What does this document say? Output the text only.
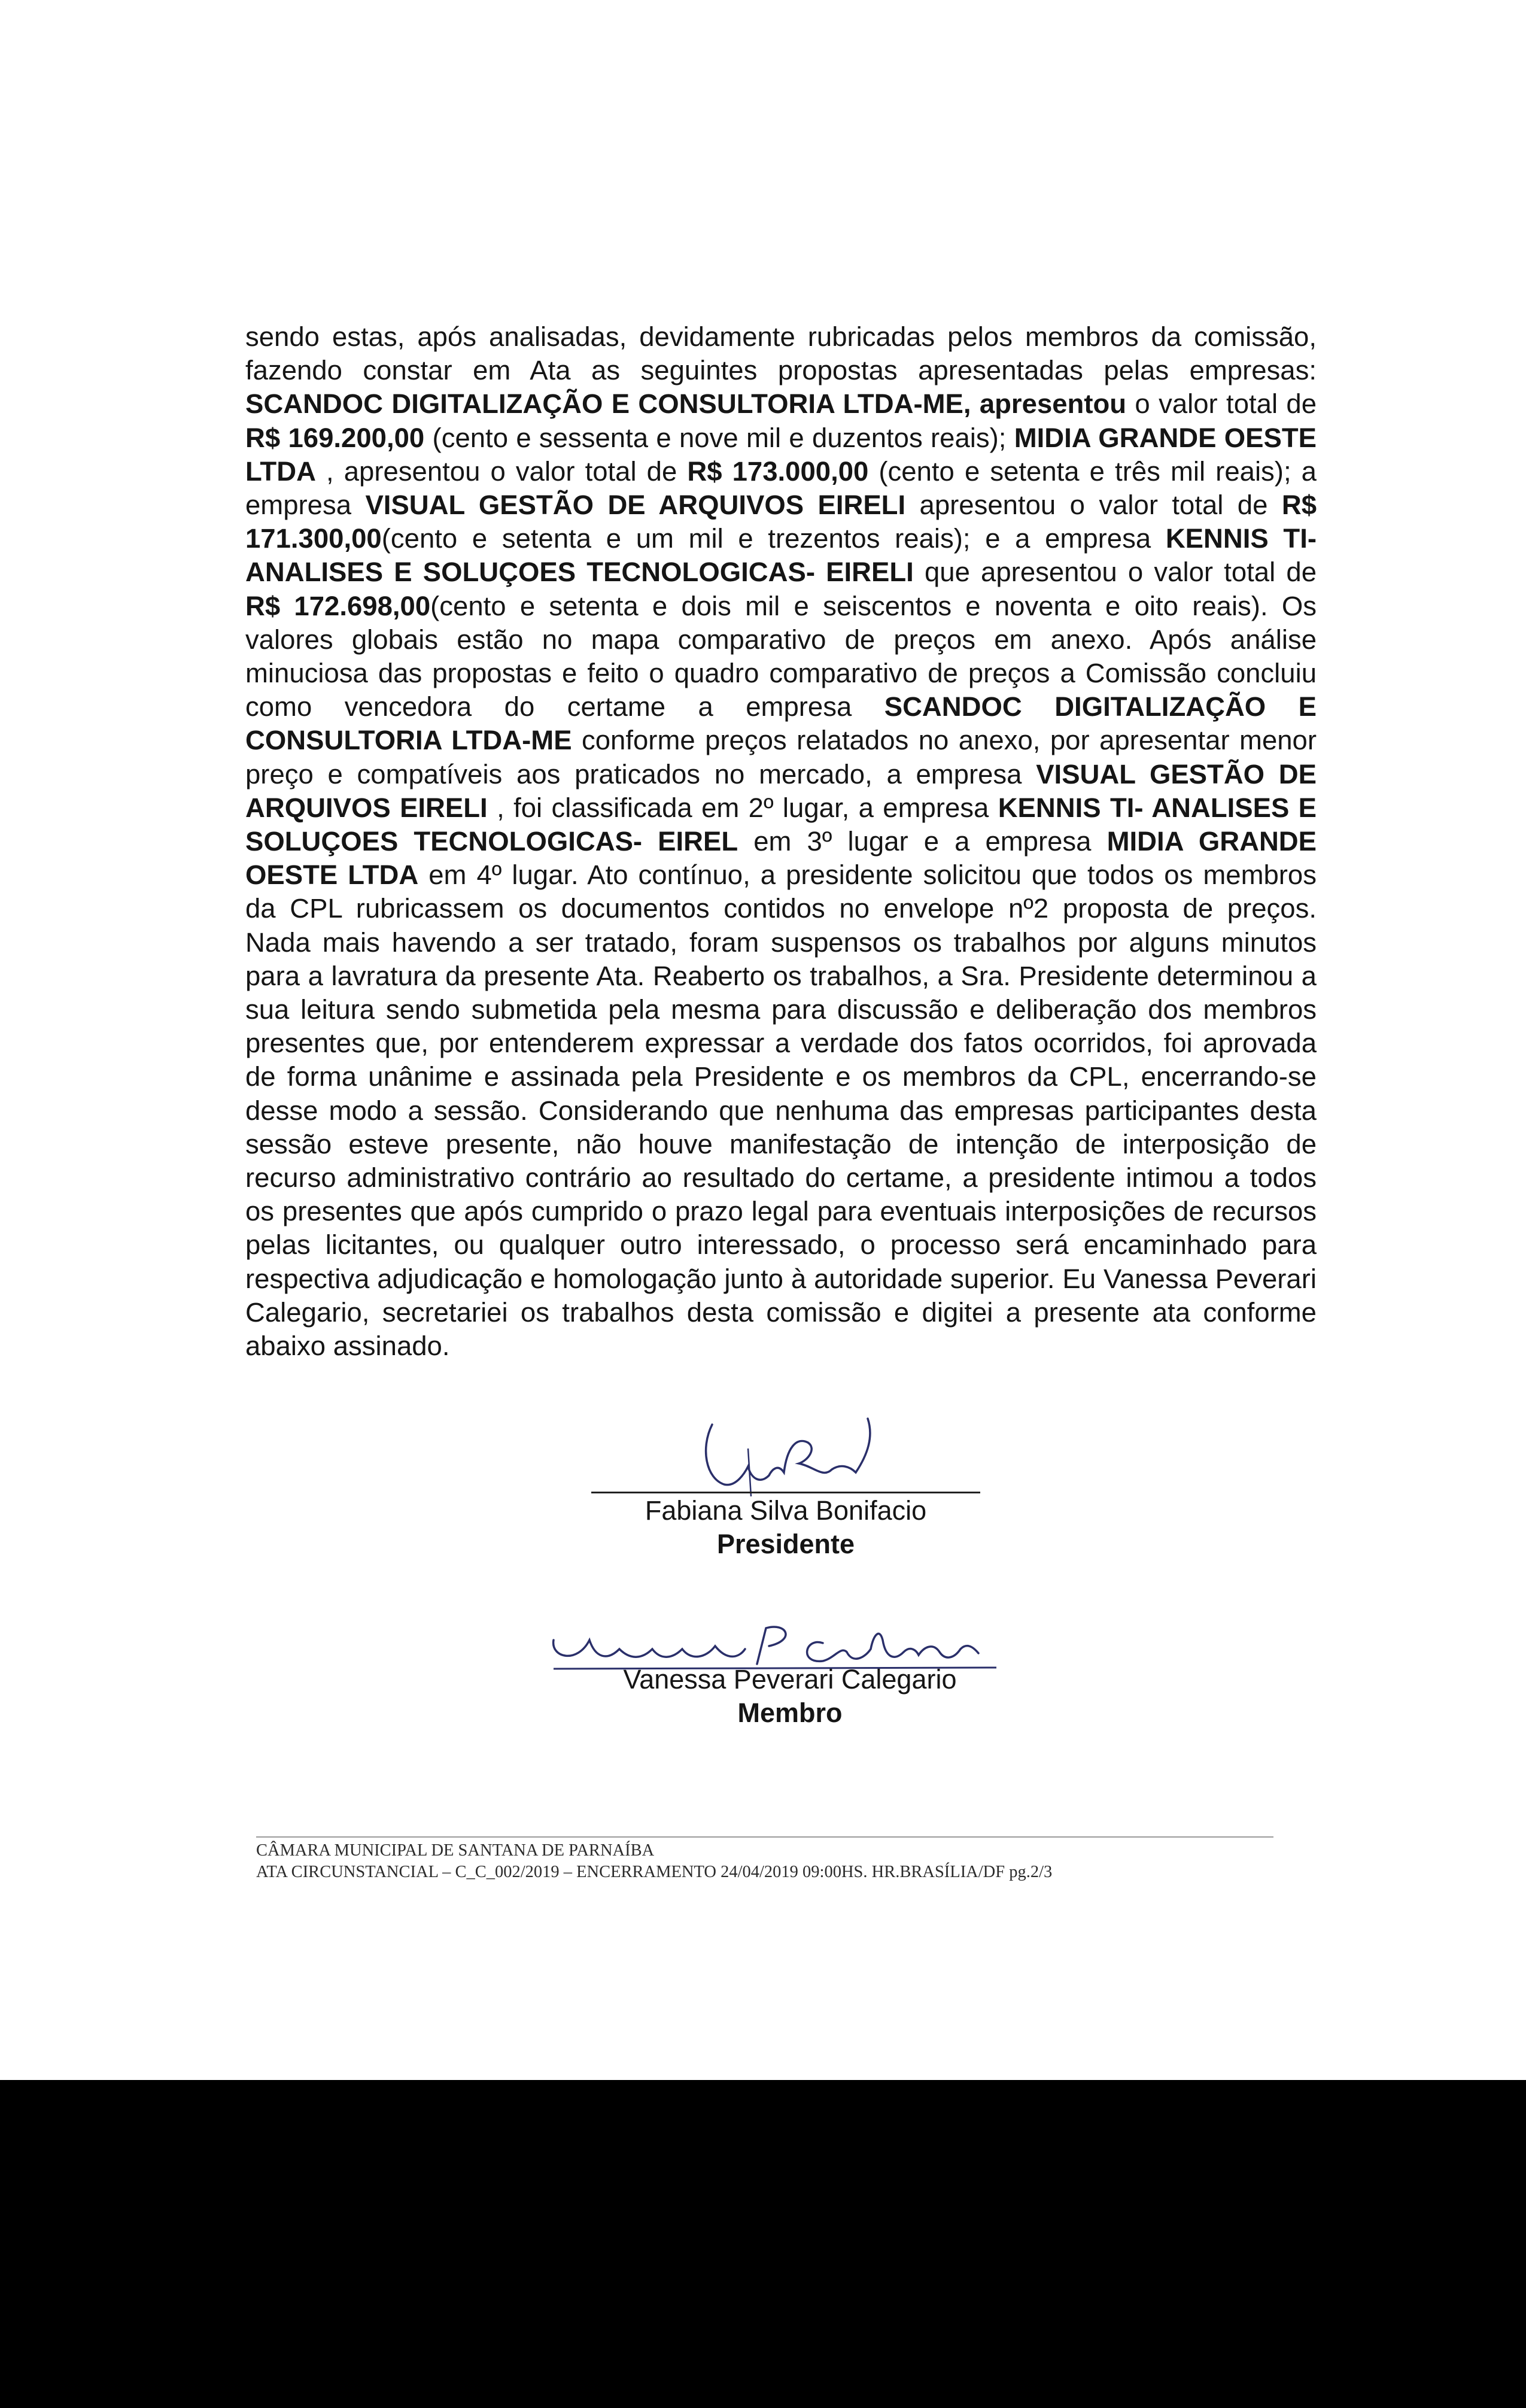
sendo estas, após analisadas, devidamente rubricadas pelos membros da comissão, fazendo constar em Ata as seguintes propostas apresentadas pelas empresas: SCANDOC DIGITALIZAÇÃO E CONSULTORIA LTDA-ME, apresentou o valor total de R$ 169.200,00 (cento e sessenta e nove mil e duzentos reais); MIDIA GRANDE OESTE LTDA , apresentou o valor total de R$ 173.000,00 (cento e setenta e três mil reais); a empresa VISUAL GESTÃO DE ARQUIVOS EIRELI apresentou o valor total de R$ 171.300,00(cento e setenta e um mil e trezentos reais); e a empresa KENNIS TI- ANALISES E SOLUÇOES TECNOLOGICAS- EIRELI que apresentou o valor total de R$ 172.698,00(cento e setenta e dois mil e seiscentos e noventa e oito reais). Os valores globais estão no mapa comparativo de preços em anexo. Após análise minuciosa das propostas e feito o quadro comparativo de preços a Comissão concluiu como vencedora do certame a empresa SCANDOC DIGITALIZAÇÃO E CONSULTORIA LTDA-ME conforme preços relatados no anexo, por apresentar menor preço e compatíveis aos praticados no mercado, a empresa VISUAL GESTÃO DE ARQUIVOS EIRELI , foi classificada em 2º lugar, a empresa KENNIS TI- ANALISES E SOLUÇOES TECNOLOGICAS- EIREL em 3º lugar e a empresa MIDIA GRANDE OESTE LTDA em 4º lugar. Ato contínuo, a presidente solicitou que todos os membros da CPL rubricassem os documentos contidos no envelope nº2 proposta de preços. Nada mais havendo a ser tratado, foram suspensos os trabalhos por alguns minutos para a lavratura da presente Ata. Reaberto os trabalhos, a Sra. Presidente determinou a sua leitura sendo submetida pela mesma para discussão e deliberação dos membros presentes que, por entenderem expressar a verdade dos fatos ocorridos, foi aprovada de forma unânime e assinada pela Presidente e os membros da CPL, encerrando-se desse modo a sessão. Considerando que nenhuma das empresas participantes desta sessão esteve presente, não houve manifestação de intenção de interposição de recurso administrativo contrário ao resultado do certame, a presidente intimou a todos os presentes que após cumprido o prazo legal para eventuais interposições de recursos pelas licitantes, ou qualquer outro interessado, o processo será encaminhado para respectiva adjudicação e homologação junto à autoridade superior. Eu Vanessa Peverari Calegario, secretariei os trabalhos desta comissão e digitei a presente ata conforme abaixo assinado.

Fabiana Silva Bonifacio
Presidente
Vanessa Peverari Calegario
Membro
CÂMARA MUNICIPAL DE SANTANA DE PARNAÍBA
ATA CIRCUNSTANCIAL – C_C_002/2019 – ENCERRAMENTO 24/04/2019 09:00HS. HR.BRASÍLIA/DF pg.2/3
